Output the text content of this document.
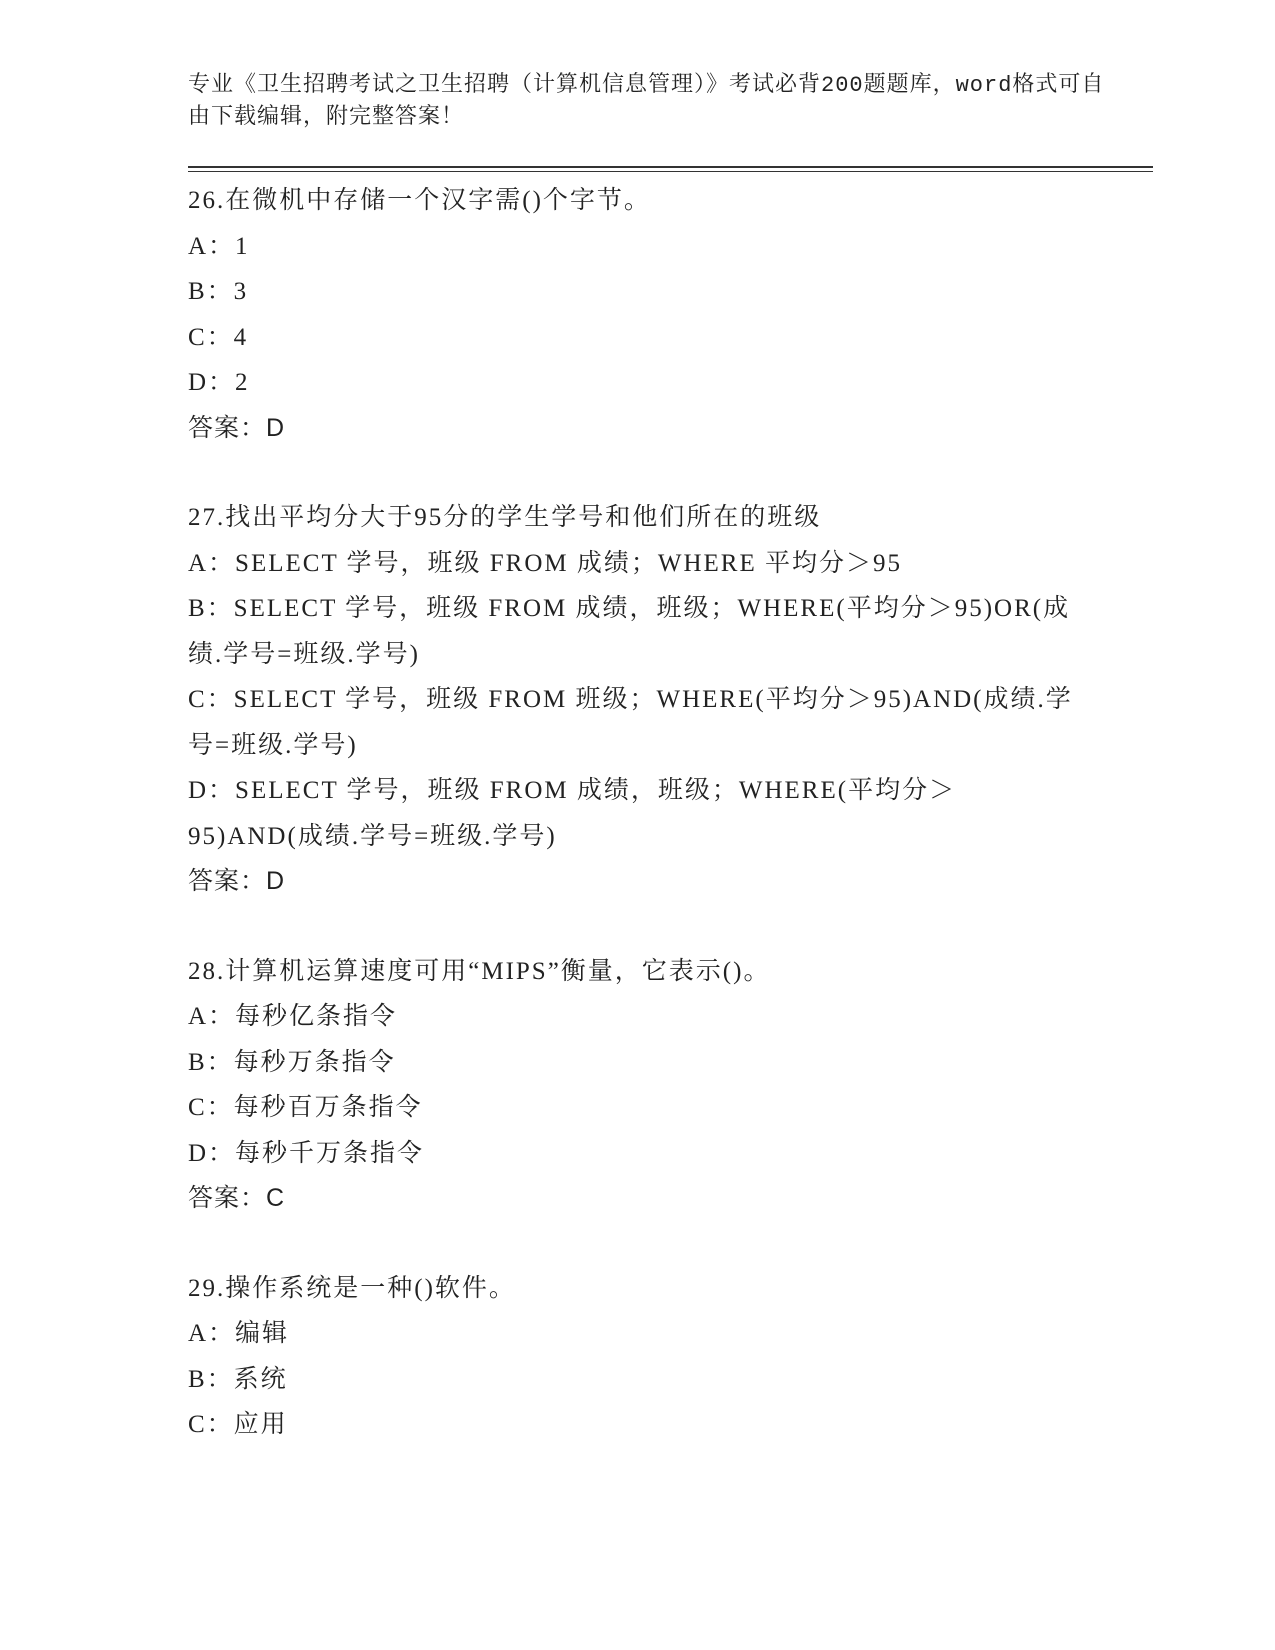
专业《卫生招聘考试之卫生招聘（计算机信息管理）》考试必背200题题库，word格式可自由下载编辑，附完整答案！

26.在微机中存储一个汉字需()个字节。

A：1

B：3

C：4

D：2

答案：D

27.找出平均分大于95分的学生学号和他们所在的班级

A：SELECT 学号，班级 FROM 成绩；WHERE 平均分＞95

B：SELECT 学号，班级 FROM 成绩，班级；WHERE(平均分＞95)OR(成绩.学号=班级.学号)

C：SELECT 学号，班级 FROM 班级；WHERE(平均分＞95)AND(成绩.学号=班级.学号)

D：SELECT 学号，班级 FROM 成绩，班级；WHERE(平均分＞95)AND(成绩.学号=班级.学号)

答案：D

28.计算机运算速度可用“MIPS”衡量，它表示()。

A：每秒亿条指令

B：每秒万条指令

C：每秒百万条指令

D：每秒千万条指令

答案：C

29.操作系统是一种()软件。

A：编辑

B：系统

C：应用
